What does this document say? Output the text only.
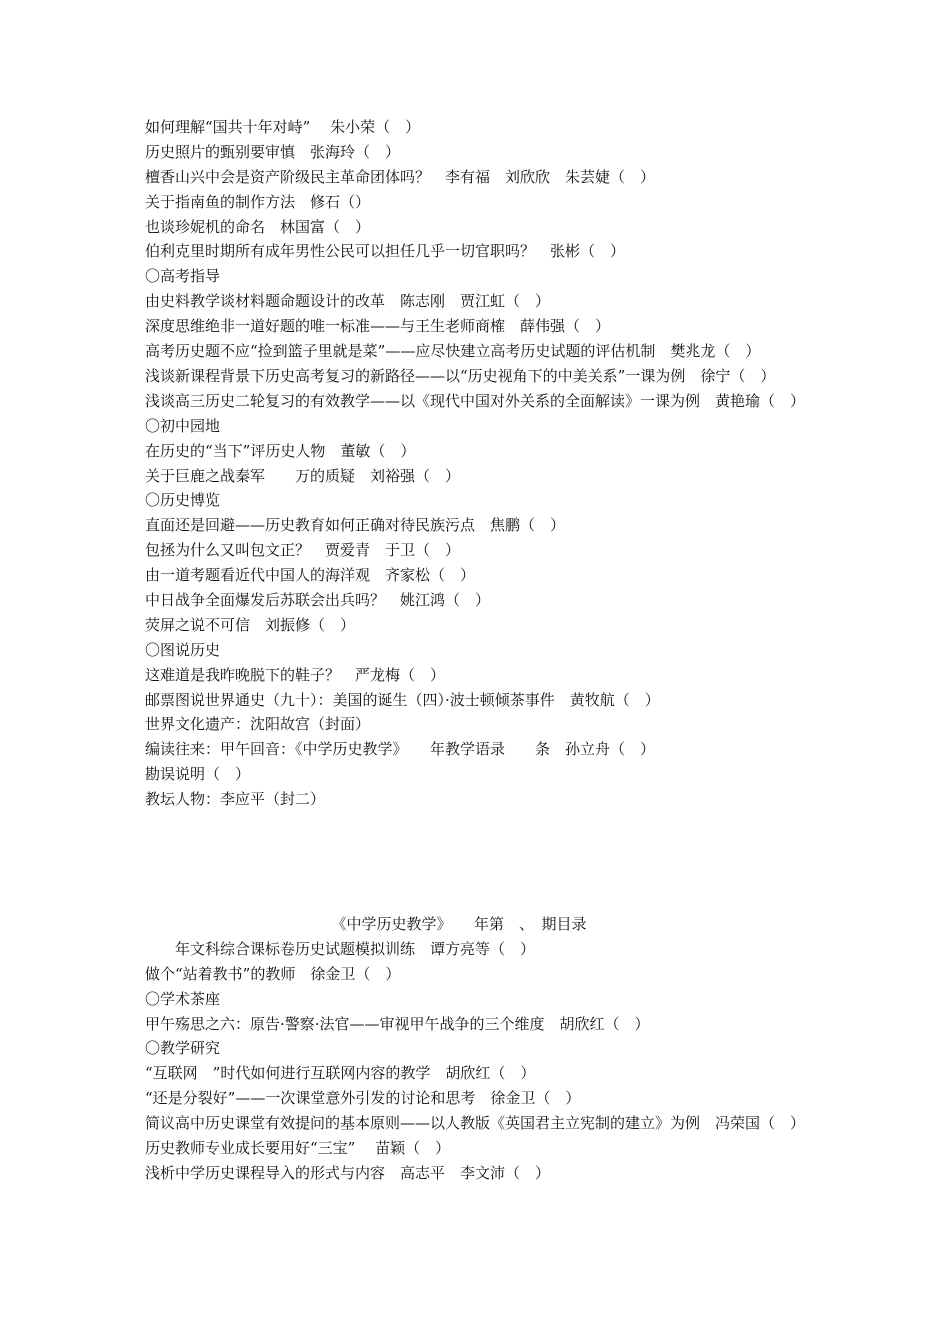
如何理解“国共十年对峙”　 朱小荣（　）
历史照片的甄别要审慎　张海玲（　）
檀香山兴中会是资产阶级民主革命团体吗？　李有福　刘欣欣　朱芸婕（　）
关于指南鱼的制作方法　修石（）
也谈珍妮机的命名　林国富（　）
伯利克里时期所有成年男性公民可以担任几乎一切官职吗？　张彬（　）
〇高考指导
由史料教学谈材料题命题设计的改革　陈志刚　贾江虹（　）
深度思维绝非一道好题的唯一标准——与王生老师商榷　薛伟强（　）
高考历史题不应“捡到篮子里就是菜”——应尽快建立高考历史试题的评估机制　樊兆龙（　）
浅谈新课程背景下历史高考复习的新路径——以“历史视角下的中美关系”一课为例　徐宁（　）
浅谈高三历史二轮复习的有效教学——以《现代中国对外关系的全面解读》一课为例　黄艳瑜（　）
〇初中园地
在历史的“当下”评历史人物　董敏（　）
关于巨鹿之战秦军　　万的质疑　刘裕强（　）
〇历史博览
直面还是回避——历史教育如何正确对待民族污点　焦鹏（　）
包拯为什么又叫包文正？　贾爱青　于卫（　）
由一道考题看近代中国人的海洋观　齐家松（　）
中日战争全面爆发后苏联会出兵吗？　姚江鸿（　）
荧屏之说不可信　刘振修（　）
〇图说历史
这难道是我昨晚脱下的鞋子？　严龙梅（　）
邮票图说世界通史（九十）：美国的诞生（四）·波士顿倾茶事件　黄牧航（　）
世界文化遗产：沈阳故宫（封面）
编读往来：甲午回音：《中学历史教学》　　年教学语录　　条　孙立舟（　）
勘误说明（　）
教坛人物：李应平（封二）
《中学历史教学》　　年第　、　期目录
　　年文科综合课标卷历史试题模拟训练　谭方亮等（　）
做个“站着教书”的教师　徐金卫（　）
〇学术茶座
甲午殇思之六：原告·警察·法官——审视甲午战争的三个维度　胡欣红（　）
〇教学研究
“互联网　”时代如何进行互联网内容的教学　胡欣红（　）
“还是分裂好”——一次课堂意外引发的讨论和思考　徐金卫（　）
简议高中历史课堂有效提问的基本原则——以人教版《英国君主立宪制的建立》为例　冯荣国（　）
历史教师专业成长要用好“三宝”　 苗颖（　）
浅析中学历史课程导入的形式与内容　高志平　李文沛（　）
